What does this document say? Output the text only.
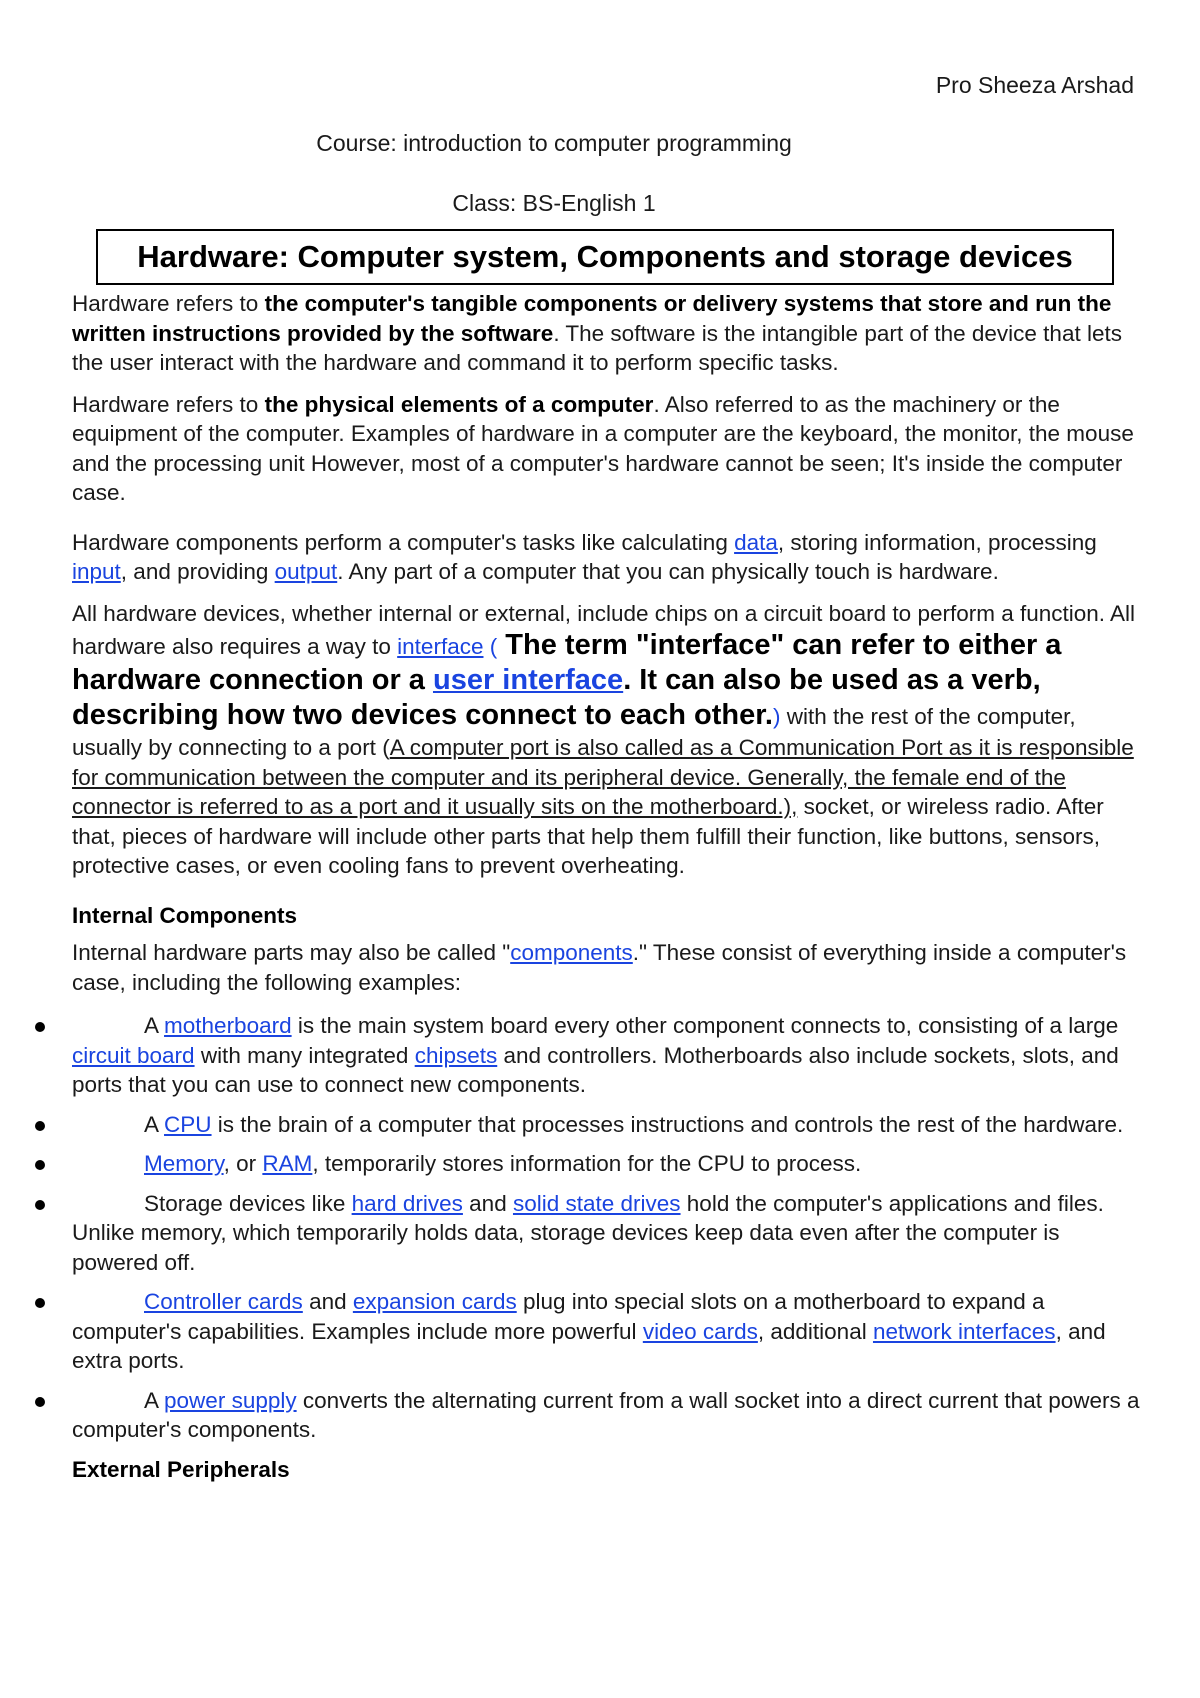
Pro Sheeza Arshad
Course: introduction to computer programming
Class: BS-English 1
Hardware: Computer system, Components and storage devices

Hardware refers to the computer's tangible components or delivery systems that store and run the written instructions provided by the software. The software is the intangible part of the device that lets the user interact with the hardware and command it to perform specific tasks.

Hardware refers to the physical elements of a computer. Also referred to as the machinery or the equipment of the computer. Examples of hardware in a computer are the keyboard, the monitor, the mouse and the processing unit However, most of a computer's hardware cannot be seen; It's inside the computer case.

Hardware components perform a computer's tasks like calculating data, storing information, processing input, and providing output. Any part of a computer that you can physically touch is hardware.

All hardware devices, whether internal or external, include chips on a circuit board to perform a function. All hardware also requires a way to interface ( The term "interface" can refer to either a hardware connection or a user interface. It can also be used as a verb, describing how two devices connect to each other.) with the rest of the computer, usually by connecting to a port (A computer port is also called as a Communication Port as it is responsible for communication between the computer and its peripheral device. Generally, the female end of the connector is referred to as a port and it usually sits on the motherboard.), socket, or wireless radio. After that, pieces of hardware will include other parts that help them fulfill their function, like buttons, sensors, protective cases, or even cooling fans to prevent overheating.

Internal Components

Internal hardware parts may also be called "components." These consist of everything inside a computer's case, including the following examples:

A motherboard is the main system board every other component connects to, consisting of a large circuit board with many integrated chipsets and controllers. Motherboards also include sockets, slots, and ports that you can use to connect new components.
A CPU is the brain of a computer that processes instructions and controls the rest of the hardware.
Memory, or RAM, temporarily stores information for the CPU to process.
Storage devices like hard drives and solid state drives hold the computer's applications and files. Unlike memory, which temporarily holds data, storage devices keep data even after the computer is powered off.
Controller cards and expansion cards plug into special slots on a motherboard to expand a computer's capabilities. Examples include more powerful video cards, additional network interfaces, and extra ports.
A power supply converts the alternating current from a wall socket into a direct current that powers a computer's components.
External Peripherals
